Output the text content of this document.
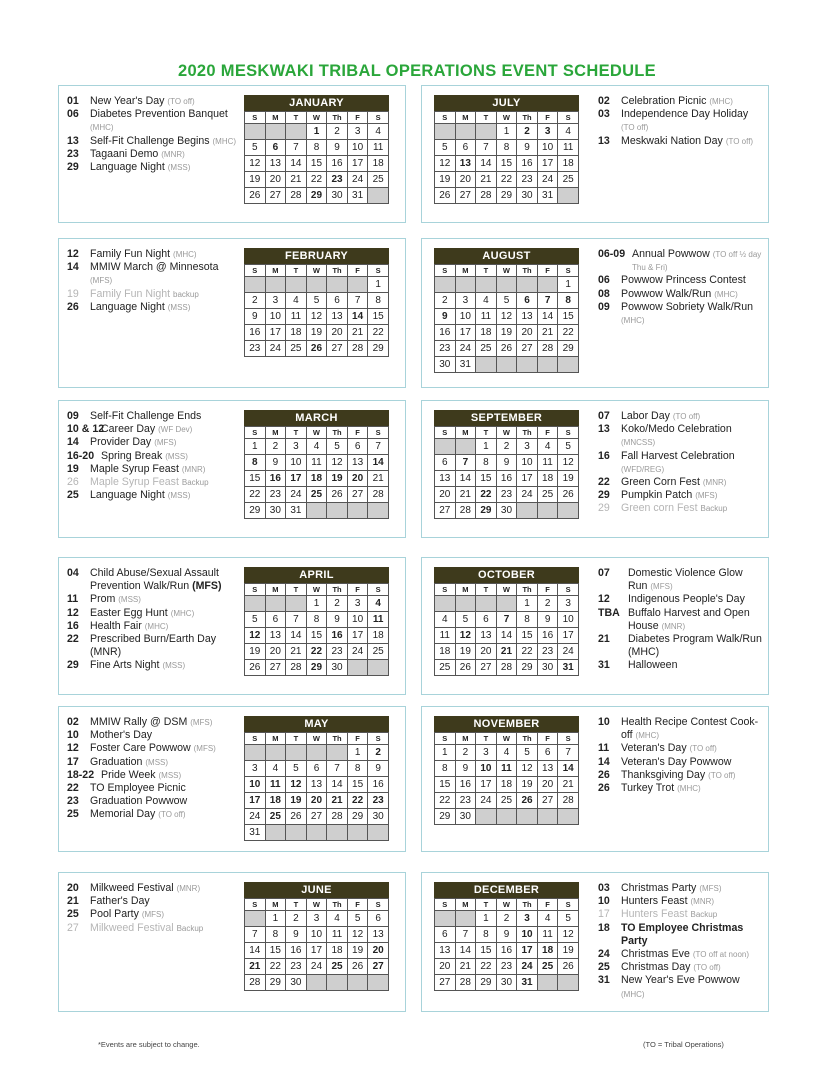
2020 MESKWAKI TRIBAL OPERATIONS EVENT SCHEDULE
01 New Year's Day (TO off)
06 Diabetes Prevention Banquet (MHC)
13 Self-Fit Challenge Begins (MHC)
23 Tagaani Demo (MNR)
29 Language Night (MSS)
JANUARY
S	M	T	W	Th	F	S
			1	2	3	4
5	6	7	8	9	10	11
12	13	14	15	16	17	18
19	20	21	22	23	24	25
26	27	28	29	30	31	
02 Celebration Picnic (MHC)
03 Independence Day Holiday (TO off)
13 Meskwaki Nation Day (TO off)
JULY
S	M	T	W	Th	F	S
			1	2	3	4
5	6	7	8	9	10	11
12	13	14	15	16	17	18
19	20	21	22	23	24	25
26	27	28	29	30	31	
12 Family Fun Night (MHC)
14 MMIW March @ Minnesota (MFS)
19 Family Fun Night backup
26 Language Night (MSS)
FEBRUARY
S	M	T	W	Th	F	S
						1
2	3	4	5	6	7	8
9	10	11	12	13	14	15
16	17	18	19	20	21	22
23	24	25	26	27	28	29
06-09 Annual Powwow (TO off ½ day Thu & Fri)
06 Powwow Princess Contest
08 Powwow Walk/Run (MHC)
09 Powwow Sobriety Walk/Run (MHC)
AUGUST
S	M	T	W	Th	F	S
						1
2	3	4	5	6	7	8
9	10	11	12	13	14	15
16	17	18	19	20	21	22
23	24	25	26	27	28	29
30	31					
09 Self-Fit Challenge Ends
10 & 12
Career Day (WF Dev)
14 Provider Day (MFS)
16-20 Spring Break (MSS)
19 Maple Syrup Feast (MNR)
26 Maple Syrup Feast Backup
25 Language Night (MSS)
MARCH
S	M	T	W	Th	F	S
1	2	3	4	5	6	7
8	9	10	11	12	13	14
15	16	17	18	19	20	21
22	23	24	25	26	27	28
29	30	31				
07 Labor Day (TO off)
13 Koko/Medo Celebration (MNCSS)
16 Fall Harvest Celebration (WFD/REG)
22 Green Corn Fest (MNR)
29 Pumpkin Patch (MFS)
29 Green corn Fest Backup
SEPTEMBER
S	M	T	W	Th	F	S
		1	2	3	4	5
6	7	8	9	10	11	12
13	14	15	16	17	18	19
20	21	22	23	24	25	26
27	28	29	30			
04 Child Abuse/Sexual Assault Prevention Walk/Run (MFS)
11 Prom (MSS)
12 Easter Egg Hunt (MHC)
16 Health Fair (MHC)
22 Prescribed Burn/Earth Day (MNR)
29 Fine Arts Night (MSS)
APRIL
S	M	T	W	Th	F	S
			1	2	3	4
5	6	7	8	9	10	11
12	13	14	15	16	17	18
19	20	21	22	23	24	25
26	27	28	29	30		
07 Domestic Violence Glow Run (MFS)
12 Indigenous People's Day
TBA Buffalo Harvest and Open House (MNR)
21 Diabetes Program Walk/Run (MHC)
31 Halloween
OCTOBER
S	M	T	W	Th	F	S
				1	2	3
4	5	6	7	8	9	10
11	12	13	14	15	16	17
18	19	20	21	22	23	24
25	26	27	28	29	30	31
02 MMIW Rally @ DSM (MFS)
10 Mother's Day
12 Foster Care Powwow (MFS)
17 Graduation (MSS)
18-22 Pride Week (MSS)
22 TO Employee Picnic
23 Graduation Powwow
25 Memorial Day (TO off)
MAY
S	M	T	W	Th	F	S
					1	2
3	4	5	6	7	8	9
10	11	12	13	14	15	16
17	18	19	20	21	22	23
24	25	26	27	28	29	30
31						
10 Health Recipe Contest Cook-off (MHC)
11 Veteran's Day (TO off)
14 Veteran's Day Powwow
26 Thanksgiving Day (TO off)
26 Turkey Trot (MHC)
NOVEMBER
S	M	T	W	Th	F	S
1	2	3	4	5	6	7
8	9	10	11	12	13	14
15	16	17	18	19	20	21
22	23	24	25	26	27	28
29	30					
20 Milkweed Festival (MNR)
21 Father's Day
25 Pool Party (MFS)
27 Milkweed Festival Backup
JUNE
S	M	T	W	Th	F	S
	1	2	3	4	5	6
7	8	9	10	11	12	13
14	15	16	17	18	19	20
21	22	23	24	25	26	27
28	29	30				
03 Christmas Party (MFS)
10 Hunters Feast (MNR)
17 Hunters Feast Backup
18 TO Employee Christmas Party
24 Christmas Eve (TO off at noon)
25 Christmas Day (TO off)
31 New Year's Eve Powwow (MHC)
DECEMBER
S	M	T	W	Th	F	S
		1	2	3	4	5
6	7	8	9	10	11	12
13	14	15	16	17	18	19
20	21	22	23	24	25	26
27	28	29	30	31		
*Events are subject to change.	(TO = Tribal Operations)
